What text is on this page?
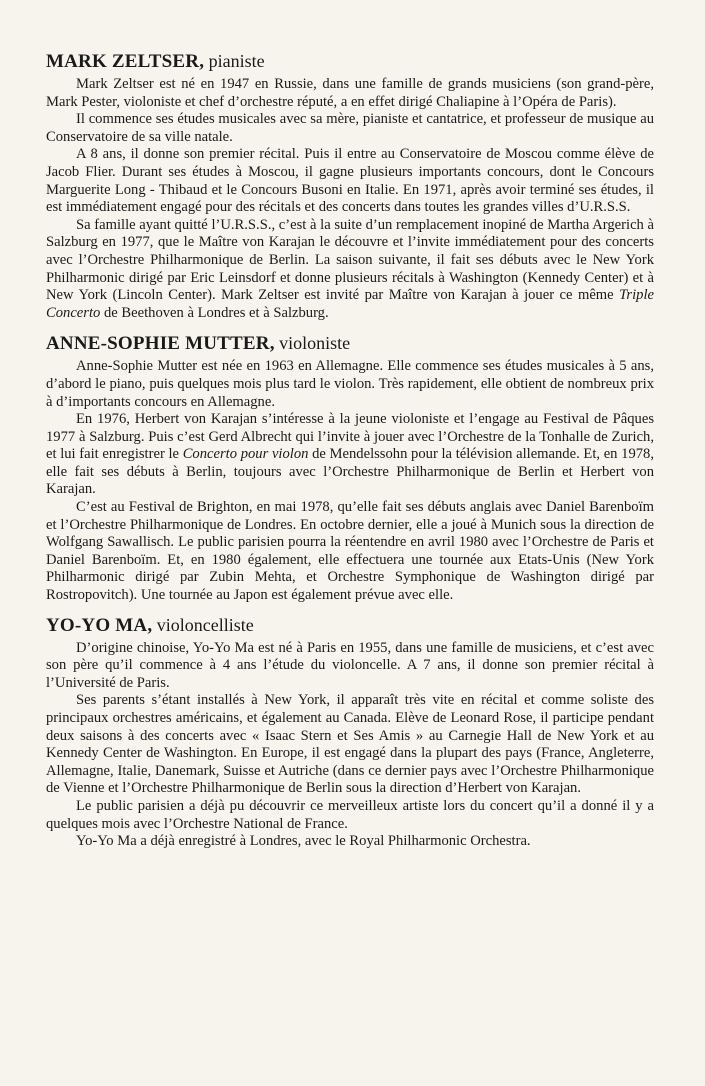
MARK ZELTSER, pianiste

Mark Zeltser est né en 1947 en Russie, dans une famille de grands musiciens (son grand-père, Mark Pester, violoniste et chef d’orchestre réputé, a en effet dirigé Chaliapine à l’Opéra de Paris).

Il commence ses études musicales avec sa mère, pianiste et cantatrice, et professeur de musique au Conservatoire de sa ville natale.

A 8 ans, il donne son premier récital. Puis il entre au Conservatoire de Moscou comme élève de Jacob Flier. Durant ses études à Moscou, il gagne plusieurs importants concours, dont le Concours Marguerite Long - Thibaud et le Concours Busoni en Italie. En 1971, après avoir terminé ses études, il est immédiatement engagé pour des récitals et des concerts dans toutes les grandes villes d’U.R.S.S.

Sa famille ayant quitté l’U.R.S.S., c’est à la suite d’un remplacement inopiné de Martha Argerich à Salzburg en 1977, que le Maître von Karajan le découvre et l’invite immédiatement pour des concerts avec l’Orchestre Philharmonique de Berlin. La saison suivante, il fait ses débuts avec le New York Philharmonic dirigé par Eric Leinsdorf et donne plusieurs récitals à Washington (Kennedy Center) et à New York (Lincoln Center). Mark Zeltser est invité par Maître von Karajan à jouer ce même Triple Concerto de Beethoven à Londres et à Salzburg.

ANNE-SOPHIE MUTTER, violoniste

Anne-Sophie Mutter est née en 1963 en Allemagne. Elle commence ses études musicales à 5 ans, d’abord le piano, puis quelques mois plus tard le violon. Très rapidement, elle obtient de nombreux prix à d’importants concours en Allemagne.

En 1976, Herbert von Karajan s’intéresse à la jeune violoniste et l’engage au Festival de Pâques 1977 à Salzburg. Puis c’est Gerd Albrecht qui l’invite à jouer avec l’Orchestre de la Tonhalle de Zurich, et lui fait enregistrer le Concerto pour violon de Mendelssohn pour la télévision allemande. Et, en 1978, elle fait ses débuts à Berlin, toujours avec l’Orchestre Philharmonique de Berlin et Herbert von Karajan.

C’est au Festival de Brighton, en mai 1978, qu’elle fait ses débuts anglais avec Daniel Barenboïm et l’Orchestre Philharmonique de Londres. En octobre dernier, elle a joué à Munich sous la direction de Wolfgang Sawallisch. Le public parisien pourra la réentendre en avril 1980 avec l’Orchestre de Paris et Daniel Barenboïm. Et, en 1980 également, elle effectuera une tournée aux Etats-Unis (New York Philharmonic dirigé par Zubin Mehta, et Orchestre Symphonique de Washington dirigé par Rostropovitch). Une tournée au Japon est également prévue avec elle.

YO-YO MA, violoncelliste

D’origine chinoise, Yo-Yo Ma est né à Paris en 1955, dans une famille de musiciens, et c’est avec son père qu’il commence à 4 ans l’étude du violoncelle. A 7 ans, il donne son premier récital à l’Université de Paris.

Ses parents s’étant installés à New York, il apparaît très vite en récital et comme soliste des principaux orchestres américains, et également au Canada. Elève de Leonard Rose, il participe pendant deux saisons à des concerts avec « Isaac Stern et Ses Amis » au Carnegie Hall de New York et au Kennedy Center de Washington. En Europe, il est engagé dans la plupart des pays (France, Angleterre, Allemagne, Italie, Danemark, Suisse et Autriche (dans ce dernier pays avec l’Orchestre Philharmonique de Vienne et l’Orchestre Philharmonique de Berlin sous la direction d’Herbert von Karajan.

Le public parisien a déjà pu découvrir ce merveilleux artiste lors du concert qu’il a donné il y a quelques mois avec l’Orchestre National de France.

Yo-Yo Ma a déjà enregistré à Londres, avec le Royal Philharmonic Orchestra.
